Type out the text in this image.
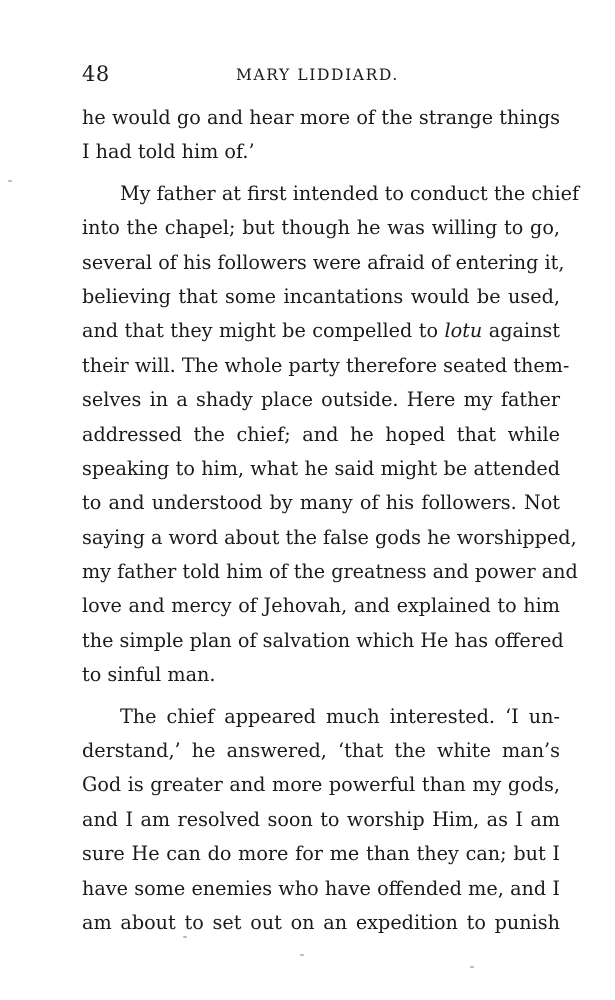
48	MARY LIDDIARD.
he would go and hear more of the strange things
I had told him of.’
My father at first intended to conduct the chief
into the chapel; but though he was willing to go,
several of his followers were afraid of entering it,
believing that some incantations would be used,
and that they might be compelled to lotu against
their will. The whole party therefore seated them-
selves in a shady place outside. Here my father
addressed the chief; and he hoped that while
speaking to him, what he said might be attended
to and understood by many of his followers. Not
saying a word about the false gods he worshipped,
my father told him of the greatness and power and
love and mercy of Jehovah, and explained to him
the simple plan of salvation which He has offered
to sinful man.
The chief appeared much interested. ‘I un-
derstand,’ he answered, ‘that the white man’s
God is greater and more powerful than my gods,
and I am resolved soon to worship Him, as I am
sure He can do more for me than they can; but I
have some enemies who have offended me, and I
am about to set out on an expedition to punish
